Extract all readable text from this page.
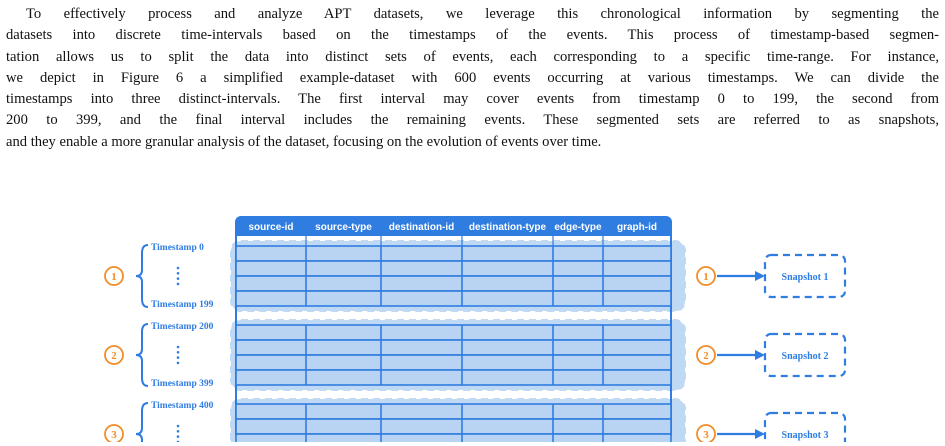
To effectively process and analyze APT datasets, we leverage this chronological information by segmenting the
datasets into discrete time-intervals based on the timestamps of the events. This process of timestamp-based segmen-
tation allows us to split the data into distinct sets of events, each corresponding to a specific time-range. For instance,
we depict in Figure 6 a simplified example-dataset with 600 events occurring at various timestamps. We can divide the
timestamps into three distinct-intervals. The first interval may cover events from timestamp 0 to 199, the second from
200 to 399, and the final interval includes the remaining events. These segmented sets are referred to as snapshots,
and they enable a more granular analysis of the dataset, focusing on the evolution of events over time.
source-id source-type destination-id destination-type edge-type graph-id
1
Timestamp 0
Timestamp 199
1	Snapshot 1
2
Timestamp 200
Timestamp 399
2	Snapshot 2
3
Timestamp 400
3	Snapshot 3
